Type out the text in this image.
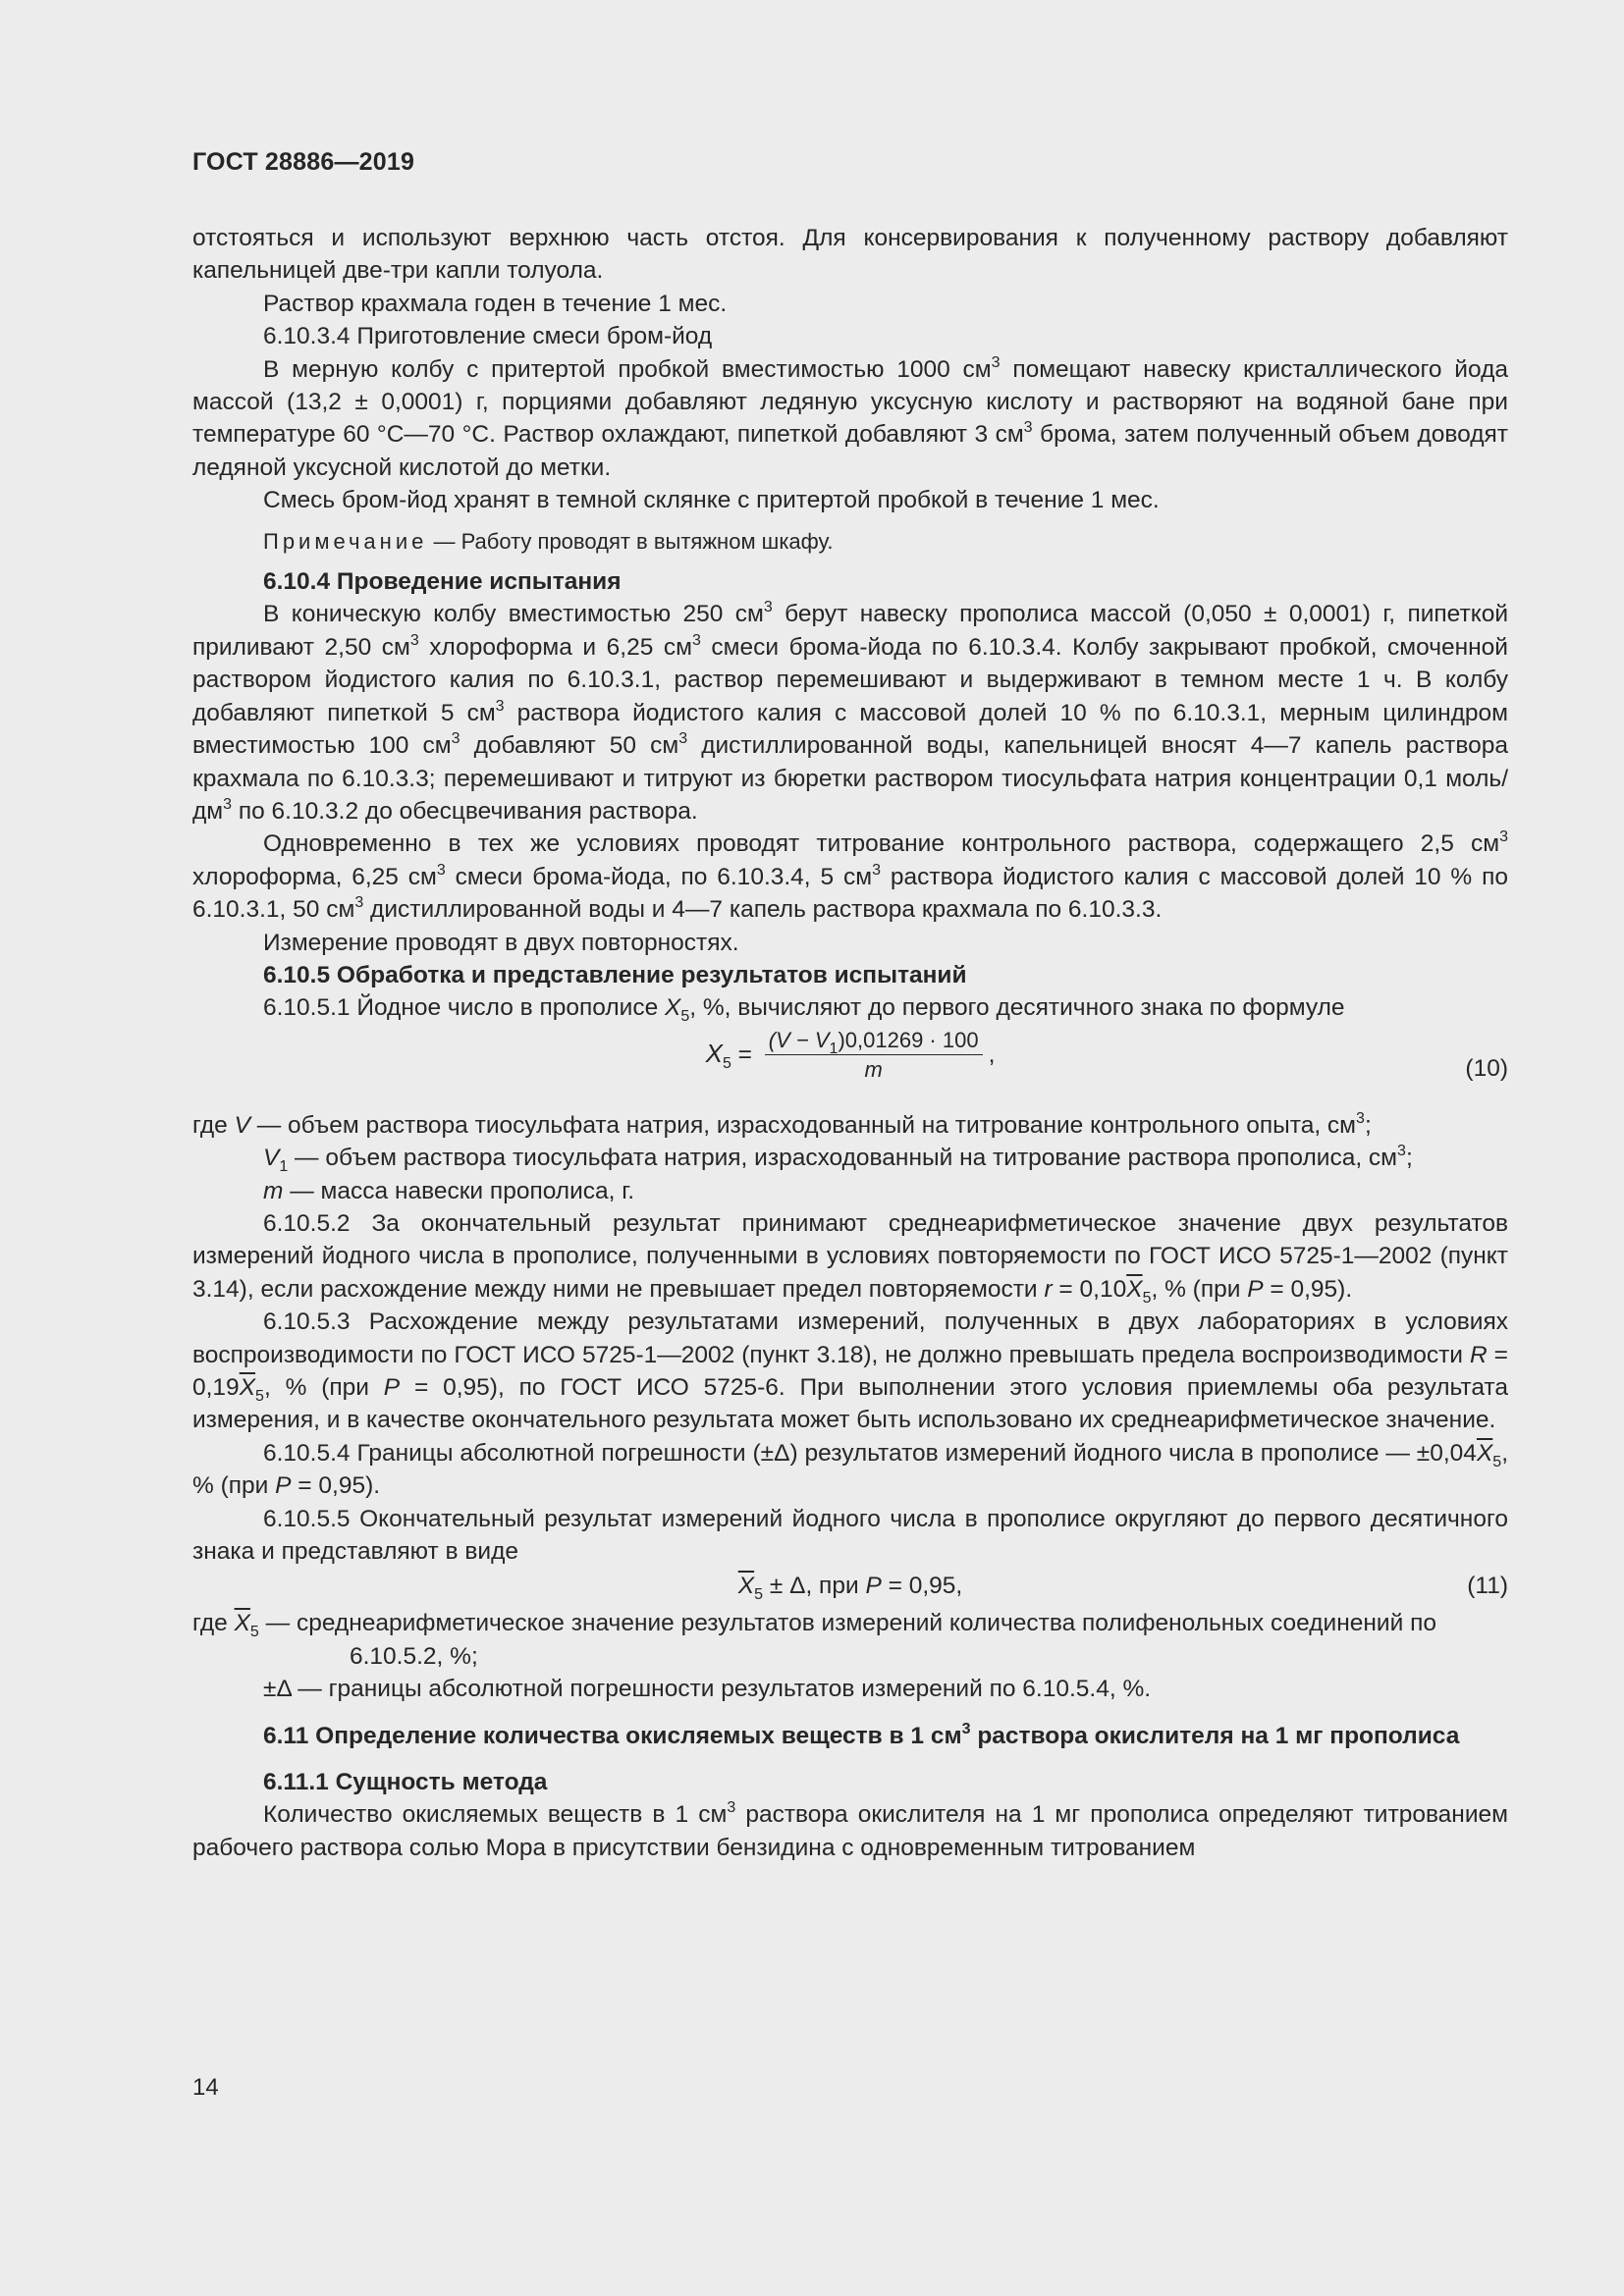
ГОСТ 28886—2019

отстояться и используют верхнюю часть отстоя. Для консервирования к полученному раствору добавляют капельницей две-три капли толуола.

Раствор крахмала годен в течение 1 мес.

6.10.3.4 Приготовление смеси бром-йод

В мерную колбу с притертой пробкой вместимостью 1000 $см^3$ помещают навеску кристаллического йода массой (13,2 ± 0,0001) г, порциями добавляют ледяную уксусную кислоту и растворяют на водяной бане при температуре 60 °С—70 °С. Раствор охлаждают, пипеткой добавляют 3 $см^3$ брома, затем полученный объем доводят ледяной уксусной кислотой до метки.

Смесь бром-йод хранят в темной склянке с притертой пробкой в течение 1 мес.

Примечание — Работу проводят в вытяжном шкафу.

6.10.4 Проведение испытания

В коническую колбу вместимостью 250 $см^3$ берут навеску прополиса массой (0,050 ± 0,0001) г, пипеткой приливают 2,50 $см^3$ хлороформа и 6,25 $см^3$ смеси брома-йода по 6.10.3.4. Колбу закрывают пробкой, смоченной раствором йодистого калия по 6.10.3.1, раствор перемешивают и выдерживают в темном месте 1 ч. В колбу добавляют пипеткой 5 $см^3$ раствора йодистого калия с массовой долей 10 % по 6.10.3.1, мерным цилиндром вместимостью 100 $см^3$ добавляют 50 $см^3$ дистиллированной воды, капельницей вносят 4—7 капель раствора крахмала по 6.10.3.3; перемешивают и титруют из бюретки раствором тиосульфата натрия концентрации 0,1 моль/$дм^3$ по 6.10.3.2 до обесцвечивания раствора.

Одновременно в тех же условиях проводят титрование контрольного раствора, содержащего 2,5 $см^3$ хлороформа, 6,25 $см^3$ смеси брома-йода, по 6.10.3.4, 5 $см^3$ раствора йодистого калия с массовой долей 10 % по 6.10.3.1, 50 $см^3$ дистиллированной воды и 4—7 капель раствора крахмала по 6.10.3.3.

Измерение проводят в двух повторностях.

6.10.5 Обработка и представление результатов испытаний

6.10.5.1 Йодное число в прополисе $X_5$, %, вычисляют до первого десятичного знака по формуле

$X_5 = \frac{(V - V_1)0,01269 \cdot 100}{m}$ ,
(10)

где V — объем раствора тиосульфата натрия, израсходованный на титрование контрольного опыта, $см^3$;

$V_1$ — объем раствора тиосульфата натрия, израсходованный на титрование раствора прополиса, $см^3$;

m — масса навески прополиса, г.

6.10.5.2 За окончательный результат принимают среднеарифметическое значение двух результатов измерений йодного числа в прополисе, полученными в условиях повторяемости по ГОСТ ИСО 5725-1—2002 (пункт 3.14), если расхождение между ними не превышает предел повторяемости $r = 0,10\overline{X}_5$, % (при P = 0,95).

6.10.5.3 Расхождение между результатами измерений, полученных в двух лабораториях в условиях воспроизводимости по ГОСТ ИСО 5725-1—2002 (пункт 3.18), не должно превышать предела воспроизводимости $R = 0,19\overline{X}_5$, % (при P = 0,95), по ГОСТ ИСО 5725-6. При выполнении этого условия приемлемы оба результата измерения, и в качестве окончательного результата может быть использовано их среднеарифметическое значение.

6.10.5.4 Границы абсолютной погрешности (±Δ) результатов измерений йодного числа в прополисе — $\pm 0,04\overline{X}_5$, % (при P = 0,95).

6.10.5.5 Окончательный результат измерений йодного числа в прополисе округляют до первого десятичного знака и представляют в виде

$\overline{X}_5 \pm \Delta$, при P = 0,95,	(11)

где $\overline{X}_5$ — среднеарифметическое значение результатов измерений количества полифенольных соединений по 6.10.5.2, %;

±Δ — границы абсолютной погрешности результатов измерений по 6.10.5.4, %.

6.11 Определение количества окисляемых веществ в 1 $см^3$ раствора окислителя на 1 мг прополиса

6.11.1 Сущность метода

Количество окисляемых веществ в 1 $см^3$ раствора окислителя на 1 мг прополиса определяют титрованием рабочего раствора солью Мора в присутствии бензидина с одновременным титрованием

14
